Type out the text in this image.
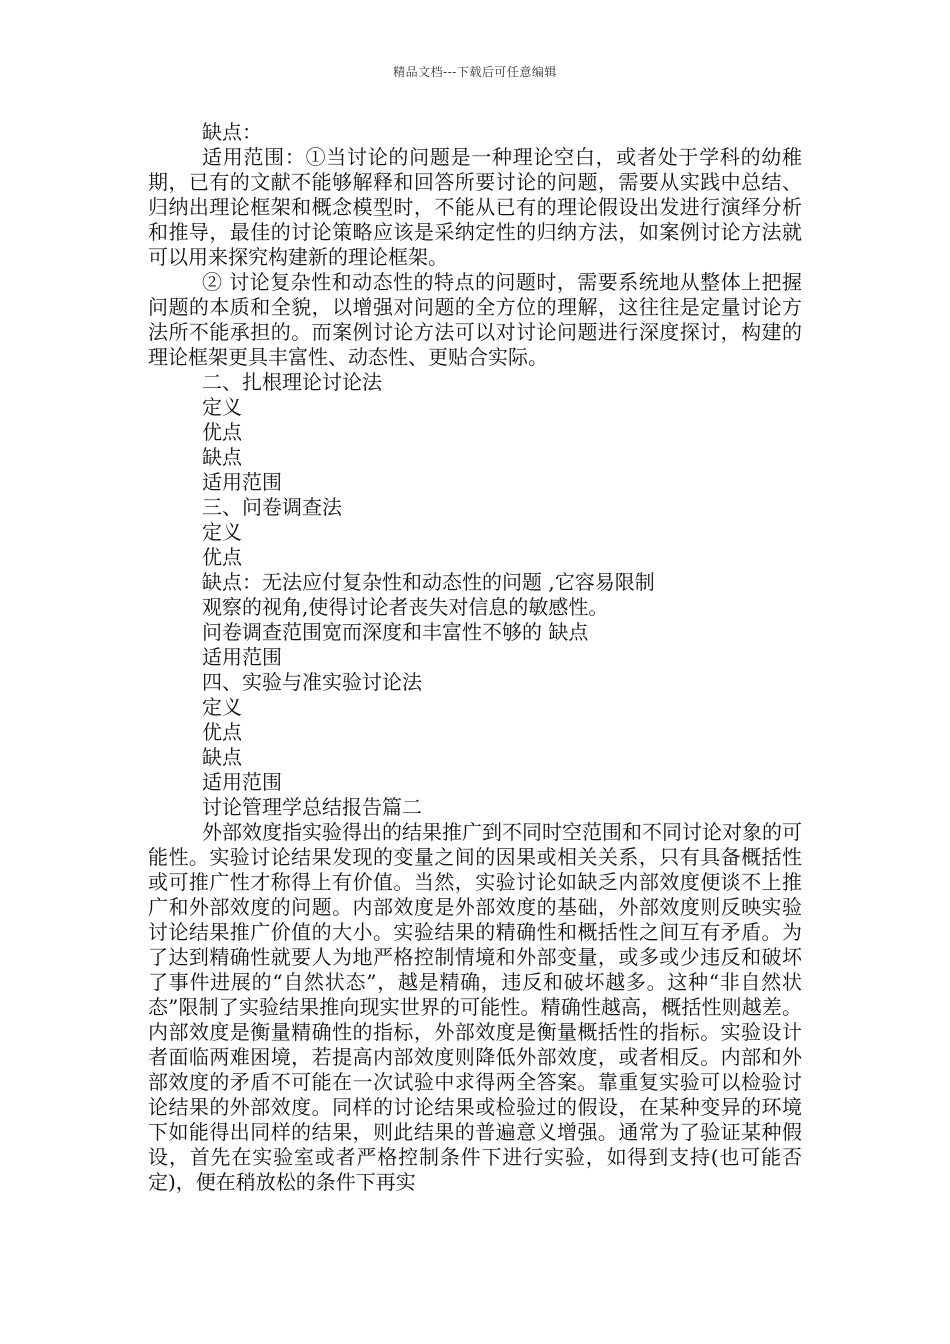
精品文档---下载后可任意编辑

缺点：

适用范围：①当讨论的问题是一种理论空白，或者处于学科的幼稚期，已有的文献不能够解释和回答所要讨论的问题，需要从实践中总结、归纳出理论框架和概念模型时，不能从已有的理论假设出发进行演绎分析和推导，最佳的讨论策略应该是采纳定性的归纳方法，如案例讨论方法就可以用来探究构建新的理论框架。

② 讨论复杂性和动态性的特点的问题时，需要系统地从整体上把握问题的本质和全貌，以增强对问题的全方位的理解，这往往是定量讨论方法所不能承担的。而案例讨论方法可以对讨论问题进行深度探讨，构建的理论框架更具丰富性、动态性、更贴合实际。

二、扎根理论讨论法

定义

优点

缺点

适用范围

三、问卷调查法

定义

优点

缺点：无法应付复杂性和动态性的问题 ,它容易限制

观察的视角,使得讨论者丧失对信息的敏感性。

问卷调查范围宽而深度和丰富性不够的 缺点

适用范围

四、实验与准实验讨论法

定义

优点

缺点

适用范围

讨论管理学总结报告篇二

外部效度指实验得出的结果推广到不同时空范围和不同讨论对象的可能性。实验讨论结果发现的变量之间的因果或相关关系，只有具备概括性或可推广性才称得上有价值。当然，实验讨论如缺乏内部效度便谈不上推广和外部效度的问题。内部效度是外部效度的基础，外部效度则反映实验讨论结果推广价值的大小。实验结果的精确性和概括性之间互有矛盾。为了达到精确性就要人为地严格控制情境和外部变量，或多或少违反和破坏了事件进展的“自然状态”，越是精确，违反和破坏越多。这种“非自然状态”限制了实验结果推向现实世界的可能性。精确性越高，概括性则越差。内部效度是衡量精确性的指标，外部效度是衡量概括性的指标。实验设计者面临两难困境，若提高内部效度则降低外部效度，或者相反。内部和外部效度的矛盾不可能在一次试验中求得两全答案。靠重复实验可以检验讨论结果的外部效度。同样的讨论结果或检验过的假设，在某种变异的环境下如能得出同样的结果，则此结果的普遍意义增强。通常为了验证某种假设，首先在实验室或者严格控制条件下进行实验，如得到支持(也可能否定)，便在稍放松的条件下再实
